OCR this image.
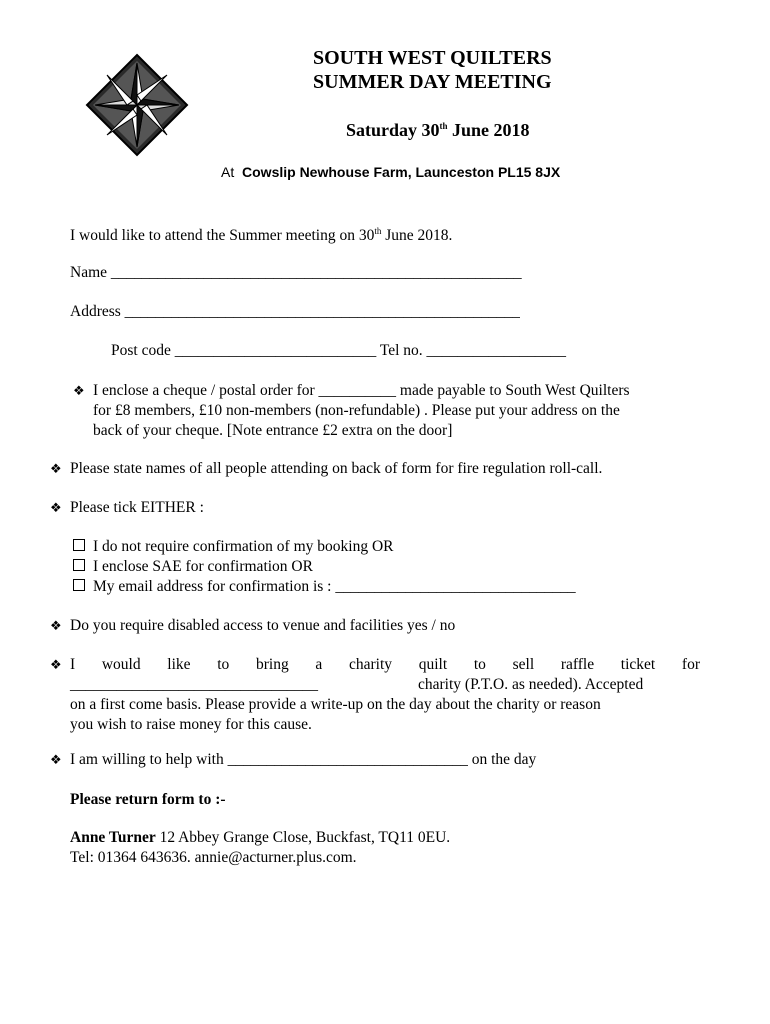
SOUTH WEST QUILTERS
SUMMER DAY MEETING
Saturday 30th June 2018
At Cowslip Newhouse Farm, Launceston PL15 8JX
I would like to attend the Summer meeting on 30th June 2018.
Name _____________________________________________________
Address ___________________________________________________
Post code __________________________ Tel no. __________________
❖ I enclose a cheque / postal order for __________ made payable to South West Quilters
for £8 members, £10 non-members (non-refundable) . Please put your address on the
back of your cheque. [Note entrance £2 extra on the door]
❖ Please state names of all people attending on back of form for fire regulation roll-call.
❖ Please tick EITHER :
I do not require confirmation of my booking OR
I enclose SAE for confirmation OR
My email address for confirmation is : _______________________________
❖ Do you require disabled access to venue and facilities yes / no
❖ I would like to bring a charity quilt to sell raffle ticket for
________________________________	charity (P.T.O. as needed). Accepted
on a first come basis. Please provide a write-up on the day about the charity or reason
you wish to raise money for this cause.
❖ I am willing to help with _______________________________ on the day
Please return form to :-
Anne Turner 12 Abbey Grange Close, Buckfast, TQ11 0EU.
Tel: 01364 643636. annie@acturner.plus.com.
